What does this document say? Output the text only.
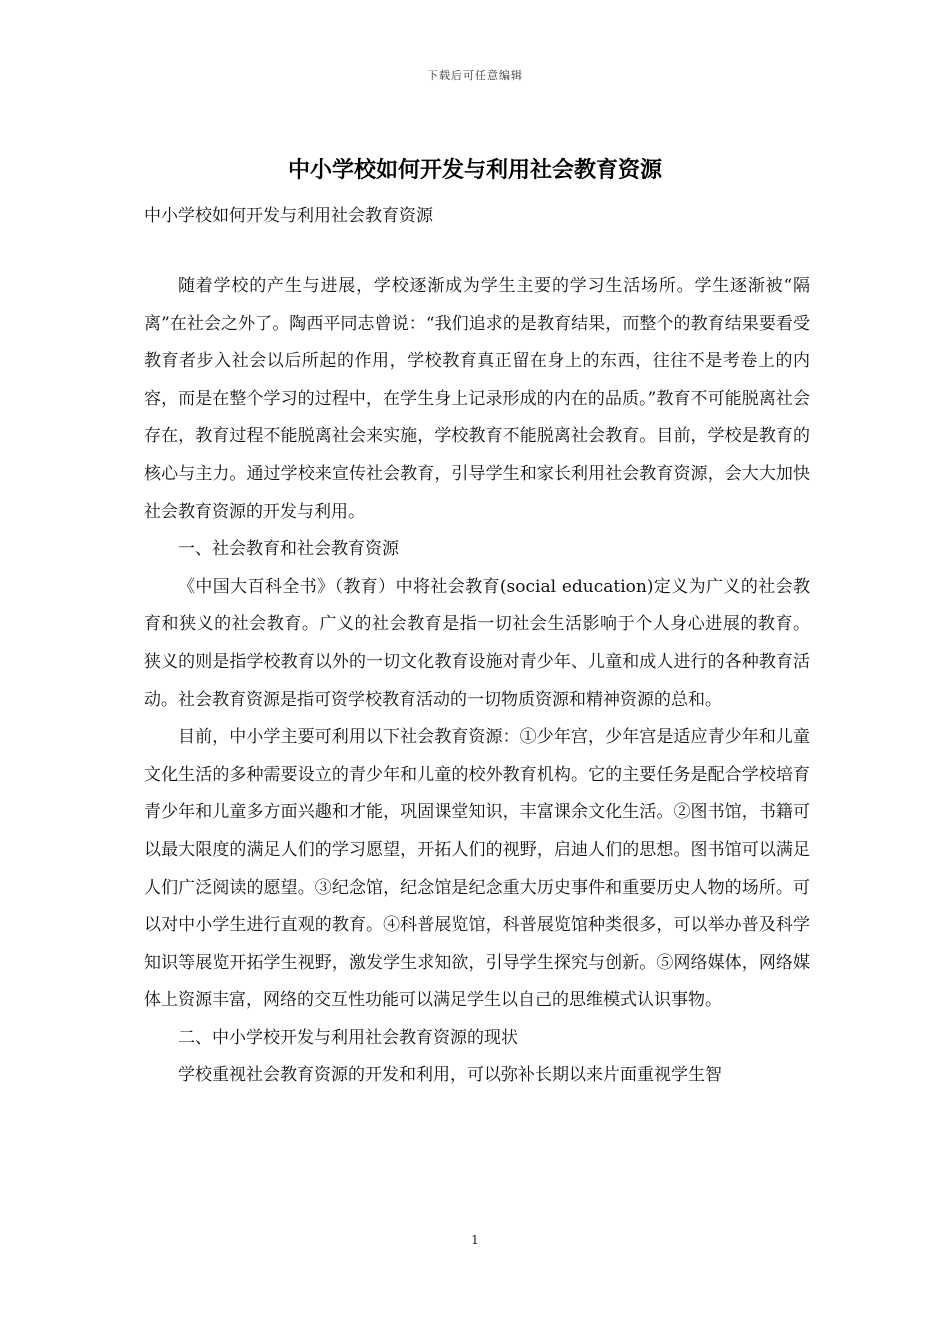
下载后可任意编辑
中小学校如何开发与利用社会教育资源
中小学校如何开发与利用社会教育资源

随着学校的产生与进展，学校逐渐成为学生主要的学习生活场所。学生逐渐被“隔离”在社会之外了。陶西平同志曾说：“我们追求的是教育结果，而整个的教育结果要看受教育者步入社会以后所起的作用，学校教育真正留在身上的东西，往往不是考卷上的内容，而是在整个学习的过程中，在学生身上记录形成的内在的品质。”教育不可能脱离社会存在，教育过程不能脱离社会来实施，学校教育不能脱离社会教育。目前，学校是教育的核心与主力。通过学校来宣传社会教育，引导学生和家长利用社会教育资源，会大大加快社会教育资源的开发与利用。

一、社会教育和社会教育资源

《中国大百科全书》（教育）中将社会教育(social education)定义为广义的社会教育和狭义的社会教育。广义的社会教育是指一切社会生活影响于个人身心进展的教育。 狭义的则是指学校教育以外的一切文化教育设施对青少年、儿童和成人进行的各种教育活动。社会教育资源是指可资学校教育活动的一切物质资源和精神资源的总和。

目前，中小学主要可利用以下社会教育资源：①少年宫，少年宫是适应青少年和儿童文化生活的多种需要设立的青少年和儿童的校外教育机构。它的主要任务是配合学校培育青少年和儿童多方面兴趣和才能，巩固课堂知识，丰富课余文化生活。②图书馆，书籍可以最大限度的满足人们的学习愿望，开拓人们的视野，启迪人们的思想。图书馆可以满足人们广泛阅读的愿望。③纪念馆，纪念馆是纪念重大历史事件和重要历史人物的场所。可以对中小学生进行直观的教育。④科普展览馆，科普展览馆种类很多，可以举办普及科学知识等展览开拓学生视野，激发学生求知欲，引导学生探究与创新。⑤网络媒体，网络媒体上资源丰富，网络的交互性功能可以满足学生以自己的思维模式认识事物。

二、中小学校开发与利用社会教育资源的现状

学校重视社会教育资源的开发和利用，可以弥补长期以来片面重视学生智

1
